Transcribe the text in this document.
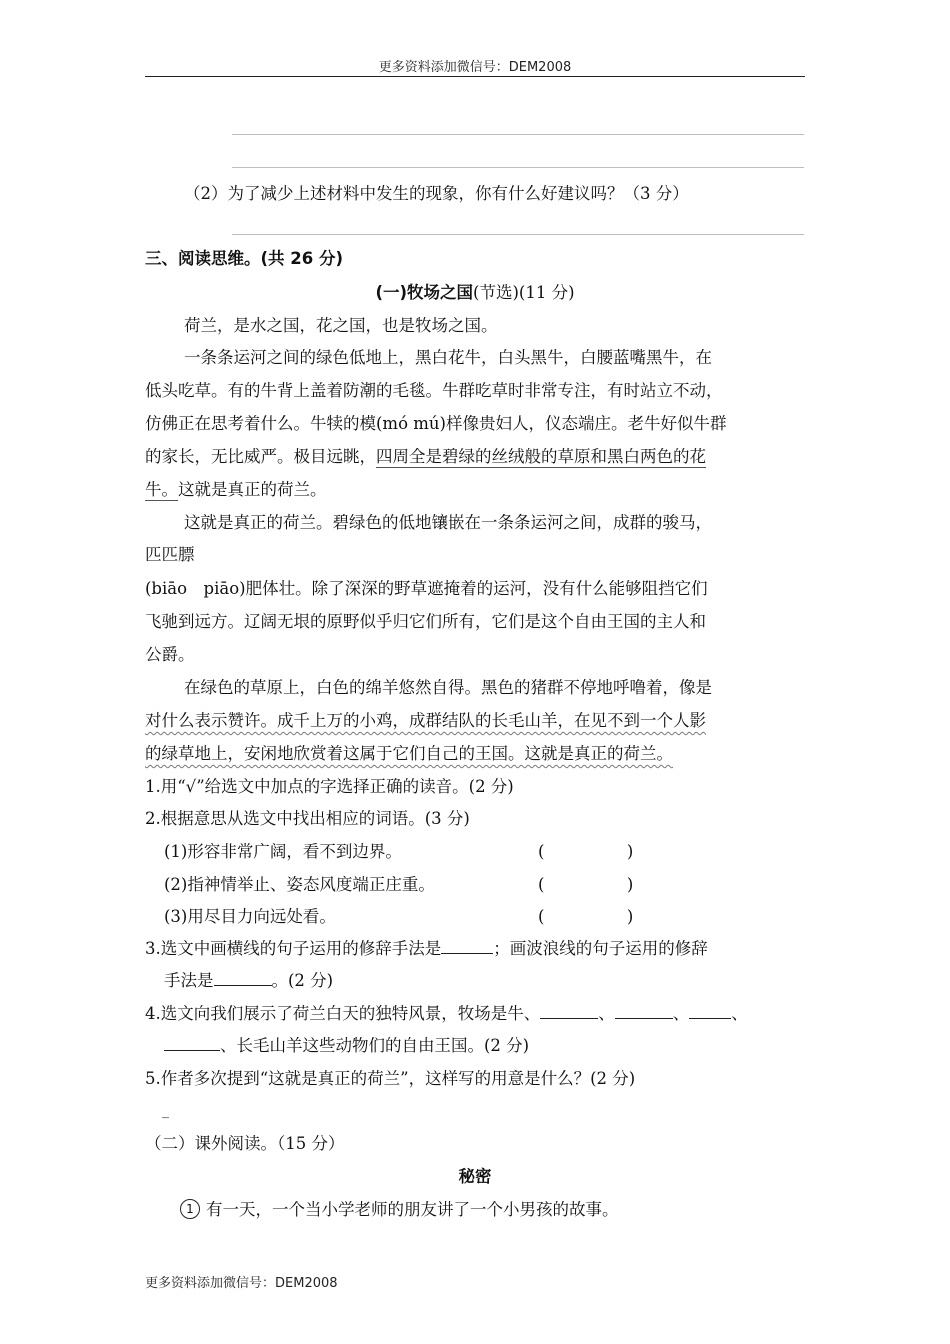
更多资料添加微信号：DEM2008
（2）为了减少上述材料中发生的现象，你有什么好建议吗？（3 分）
三、阅读思维。(共 26 分)
(一)牧场之国(节选)(11 分)
荷兰，是水之国，花之国，也是牧场之国。
一条条运河之间的绿色低地上，黑白花牛，白头黑牛，白腰蓝嘴黑牛，在
低头吃草。有的牛背上盖着防潮的毛毯。牛群吃草时非常专注，有时站立不动，
仿佛正在思考着什么。牛犊的模(mó mú)样像贵妇人，仪态端庄。老牛好似牛群
的家长，无比威严。极目远眺，四周全是碧绿的丝绒般的草原和黑白两色的花
牛。这就是真正的荷兰。
这就是真正的荷兰。碧绿色的低地镶嵌在一条条运河之间，成群的骏马，
匹匹膘
(biāo　piāo)肥体壮。除了深深的野草遮掩着的运河，没有什么能够阻挡它们
飞驰到远方。辽阔无垠的原野似乎归它们所有，它们是这个自由王国的主人和
公爵。
在绿色的草原上，白色的绵羊悠然自得。黑色的猪群不停地呼噜着，像是
对什么表示赞许。成千上万的小鸡，成群结队的长毛山羊，在见不到一个人影
的绿草地上，安闲地欣赏着这属于它们自己的王国。这就是真正的荷兰。
1.用“√”给选文中加点的字选择正确的读音。(2 分)
2.根据意思从选文中找出相应的词语。(3 分)
(1)形容非常广阔，看不到边界。	(　　　　　)
(2)指神情举止、姿态风度端正庄重。	(　　　　　)
(3)用尽目力向远处看。	(　　　　　)
3.选文中画横线的句子运用的修辞手法是	；画波浪线的句子运用的修辞
手法是	。(2 分)
4.选文向我们展示了荷兰白天的独特风景，牧场是牛、	、	、	、
、长毛山羊这些动物们的自由王国。(2 分)
5.作者多次提到“这就是真正的荷兰”，这样写的用意是什么？(2 分)
_
（二）课外阅读。（15 分）
秘密
1 有一天，一个当小学老师的朋友讲了一个小男孩的故事。
更多资料添加微信号：DEM2008
